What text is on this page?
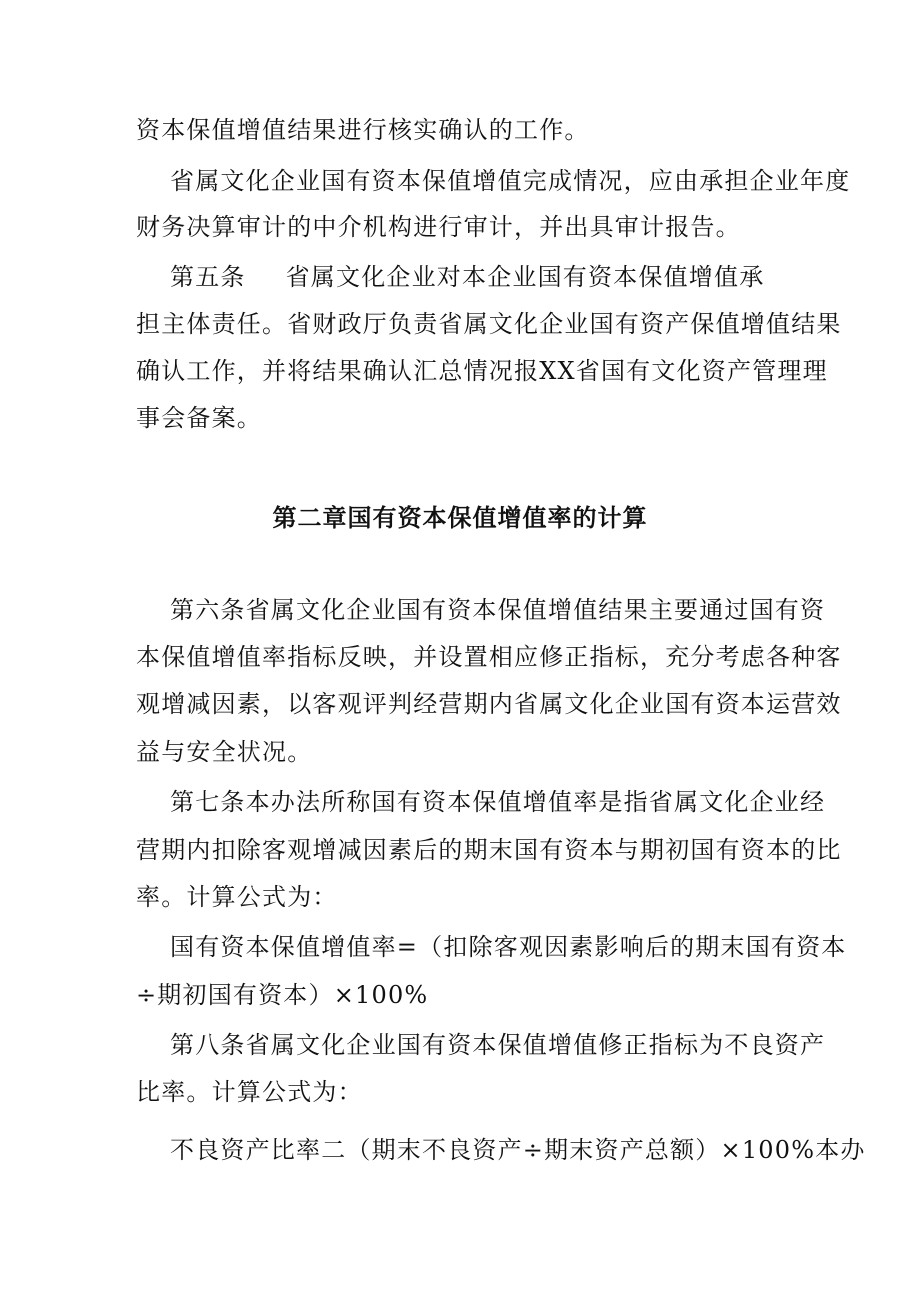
资本保值增值结果进行核实确认的工作。
省属文化企业国有资本保值增值完成情况，应由承担企业年度
财务决算审计的中介机构进行审计，并出具审计报告。
第五条 省属文化企业对本企业国有资本保值增值承
担主体责任。省财政厅负责省属文化企业国有资产保值增值结果
确认工作，并将结果确认汇总情况报XX省国有文化资产管理理
事会备案。
第二章国有资本保值增值率的计算
第六条省属文化企业国有资本保值增值结果主要通过国有资
本保值增值率指标反映，并设置相应修正指标，充分考虑各种客
观增减因素，以客观评判经营期内省属文化企业国有资本运营效
益与安全状况。
第七条本办法所称国有资本保值增值率是指省属文化企业经
营期内扣除客观增减因素后的期末国有资本与期初国有资本的比
率。计算公式为：
国有资本保值增值率=（扣除客观因素影响后的期末国有资本
÷期初国有资本）×100%
第八条省属文化企业国有资本保值增值修正指标为不良资产
比率。计算公式为：
不良资产比率二（期末不良资产÷期末资产总额）×100%本办
